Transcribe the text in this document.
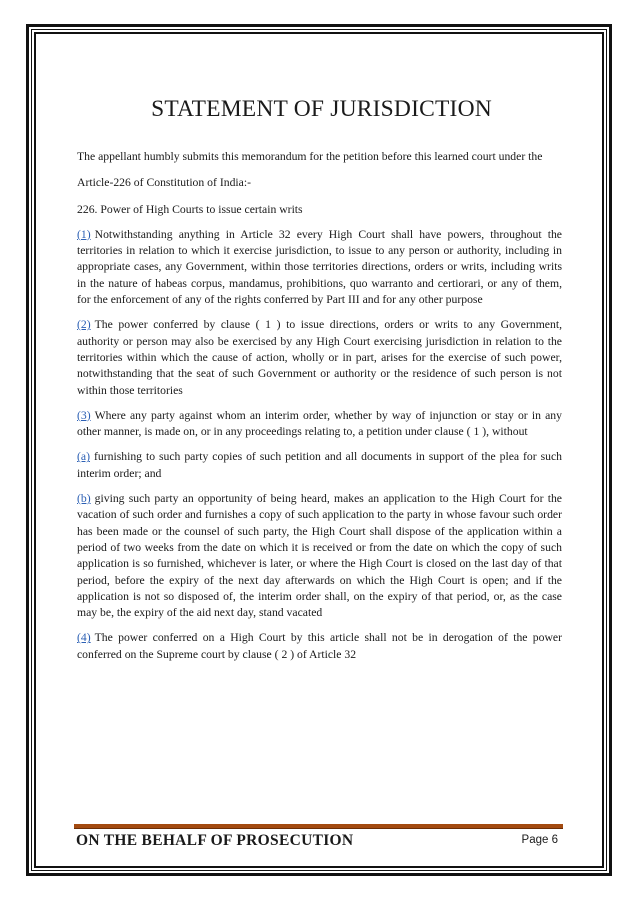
STATEMENT OF JURISDICTION

The appellant humbly submits this memorandum for the petition before this learned court under the

Article-226 of Constitution of India:-

226. Power of High Courts to issue certain writs

(1) Notwithstanding anything in Article 32 every High Court shall have powers, throughout the territories in relation to which it exercise jurisdiction, to issue to any person or authority, including in appropriate cases, any Government, within those territories directions, orders or writs, including writs in the nature of habeas corpus, mandamus, prohibitions, quo warranto and certiorari, or any of them, for the enforcement of any of the rights conferred by Part III and for any other purpose

(2) The power conferred by clause ( 1 ) to issue directions, orders or writs to any Government, authority or person may also be exercised by any High Court exercising jurisdiction in relation to the territories within which the cause of action, wholly or in part, arises for the exercise of such power, notwithstanding that the seat of such Government or authority or the residence of such person is not within those territories

(3) Where any party against whom an interim order, whether by way of injunction or stay or in any other manner, is made on, or in any proceedings relating to, a petition under clause ( 1 ), without

(a) furnishing to such party copies of such petition and all documents in support of the plea for such interim order; and

(b) giving such party an opportunity of being heard, makes an application to the High Court for the vacation of such order and furnishes a copy of such application to the party in whose favour such order has been made or the counsel of such party, the High Court shall dispose of the application within a period of two weeks from the date on which it is received or from the date on which the copy of such application is so furnished, whichever is later, or where the High Court is closed on the last day of that period, before the expiry of the next day afterwards on which the High Court is open; and if the application is not so disposed of, the interim order shall, on the expiry of that period, or, as the case may be, the expiry of the aid next day, stand vacated

(4) The power conferred on a High Court by this article shall not be in derogation of the power conferred on the Supreme court by clause ( 2 ) of Article 32

ON THE BEHALF OF PROSECUTION	Page 6
